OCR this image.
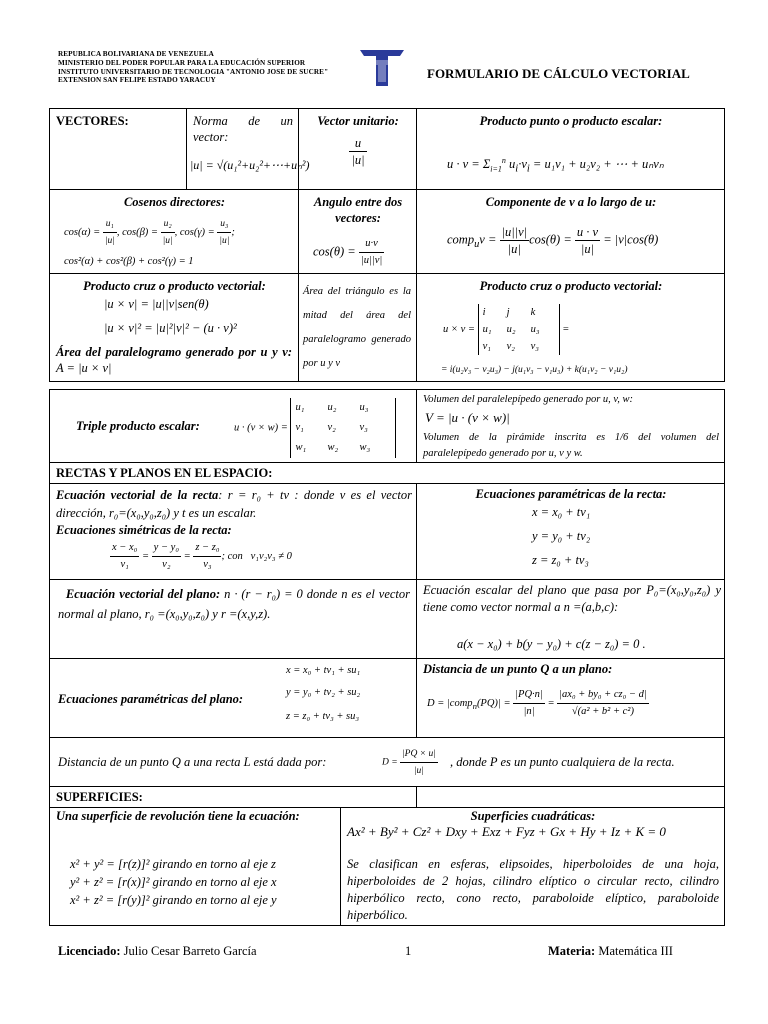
REPUBLICA BOLIVARIANA DE VENEZUELA
MINISTERIO DEL PODER POPULAR PARA LA EDUCACIÓN SUPERIOR
INSTITUTO UNIVERSITARIO DE TECNOLOGIA "ANTONIO JOSE DE SUCRE"
EXTENSION SAN FELIPE ESTADO YARACUY	FORMULARIO DE CÁLCULO VECTORIAL
VECTORES:	Norma de un vector:
|u| = √(u₁²+u₂²+⋯+uₙ²)
Vector unitario:
$\frac{u}{|u|}$
Producto punto o producto escalar:
$u \cdot v = \Sigma_{i=1}^n$ $u_i\cdot v_i = u_1v_1 + u_2v_2$ + ⋯ + uₙvₙ
Cosenos directores:
$\cos(\alpha) = \frac{\text{u₁}}{|u|}$ , $\cos(\beta) = \frac{\text{u₂}}{|u|}$ , $\cos(\gamma) = \frac{\text{u₃}}{|u|}$ ;
cos²(α) + cos²(β) + cos²(γ) = 1
Angulo entre dos vectores:
$\cos(\theta) = \frac{u\cdot v}{|u||v|}$
Componente de v a lo largo de u:
comp$_u$v = $\frac{|u||v|}{|u|} \cos(\theta) = \frac{u \cdot v}{|u|} = |v|\cos(\theta)$
Producto cruz o producto vectorial:
|u × v| = |u||v|sen(θ)
|u × v|² = |u|²|v|² − (u · v)²
Área del paralelogramo generado por u y v: A = |u × v|
Área del triángulo es la mitad del área del paralelogramo generado por u y v
Producto cruz o producto vectorial:
u × v =
i	j	k
u₁	u₂	u₃
v₁	v₂	v₃
=
= i(u₂v₃ − v₂u₃) − j(u₁v₃ − v₁u₃) + k(u₁v₂ − v₁u₂)
Triple producto escalar:	u · (v × w) =
u₁	u₂	u₃
v₁	v₂	v₃
w₁	w₂	w₃
Volumen del paralelepípedo generado por u, v, w:
V = |u · (v × w)|
Volumen de la pirámide inscrita es 1/6 del volumen del paralelepípedo generado por u, v y w.
RECTAS Y PLANOS EN EL ESPACIO:
Ecuación vectorial de la recta: r = r₀ + tv : donde v es el vector dirección, r₀=(x₀,y₀,z₀) y t es un escalar.
Ecuaciones simétricas de la recta:
$\frac{\text{x − x₀}}{\text{v₁}} = \frac{\text{y − y₀}}{\text{v₂}} = \frac{\text{z − z₀}}{\text{v₃}}$ ; con   v₁v₂v₃ ≠ 0
Ecuaciones paramétricas de la recta:
x = x₀ + tv₁
y = y₀ + tv₂
z = z₀ + tv₃
Ecuación vectorial del plano: n · (r − r₀) = 0 donde n es el vector normal al plano, r₀ =(x₀,y₀,z₀) y r =(x,y,z).
Ecuación escalar del plano que pasa por P₀=(x₀,y₀,z₀) y tiene como vector normal a n =(a,b,c):
a(x − x₀) + b(y − y₀) + c(z − z₀) = 0 .
Ecuaciones paramétricas del plano:
x = x₀ + tv₁ + su₁
y = y₀ + tv₂ + su₂
z = z₀ + tv₃ + su₃
Distancia de un punto Q a un plano:
D = |comp$_n$(PQ)| = $\frac{|PQ\cdot n|}{|n|} = \frac{\text{|ax₀ + by₀ + cz₀ − d|}}{\text{√(a² + b² + c²)}}$
Distancia de un punto Q a una recta L está dada por:	$D = \frac{|PQ \times u|}{|u|}$ , donde P es un punto cualquiera de la recta.
SUPERFICIES:
Una superficie de revolución tiene la ecuación:
x² + y² = [r(z)]² girando en torno al eje z
y² + z² = [r(x)]² girando en torno al eje x
x² + z² = [r(y)]² girando en torno al eje y
Superficies cuadráticas:
Ax² + By² + Cz² + Dxy + Exz + Fyz + Gx + Hy + Iz + K = 0
Se clasifican en esferas, elipsoides, hiperboloides de una hoja, hiperboloides de 2 hojas, cilindro elíptico o circular recto, cilindro hiperbólico recto, cono recto, paraboloide elíptico, paraboloide hiperbólico.
Licenciado: Julio Cesar Barreto García	1	Materia: Matemática III
